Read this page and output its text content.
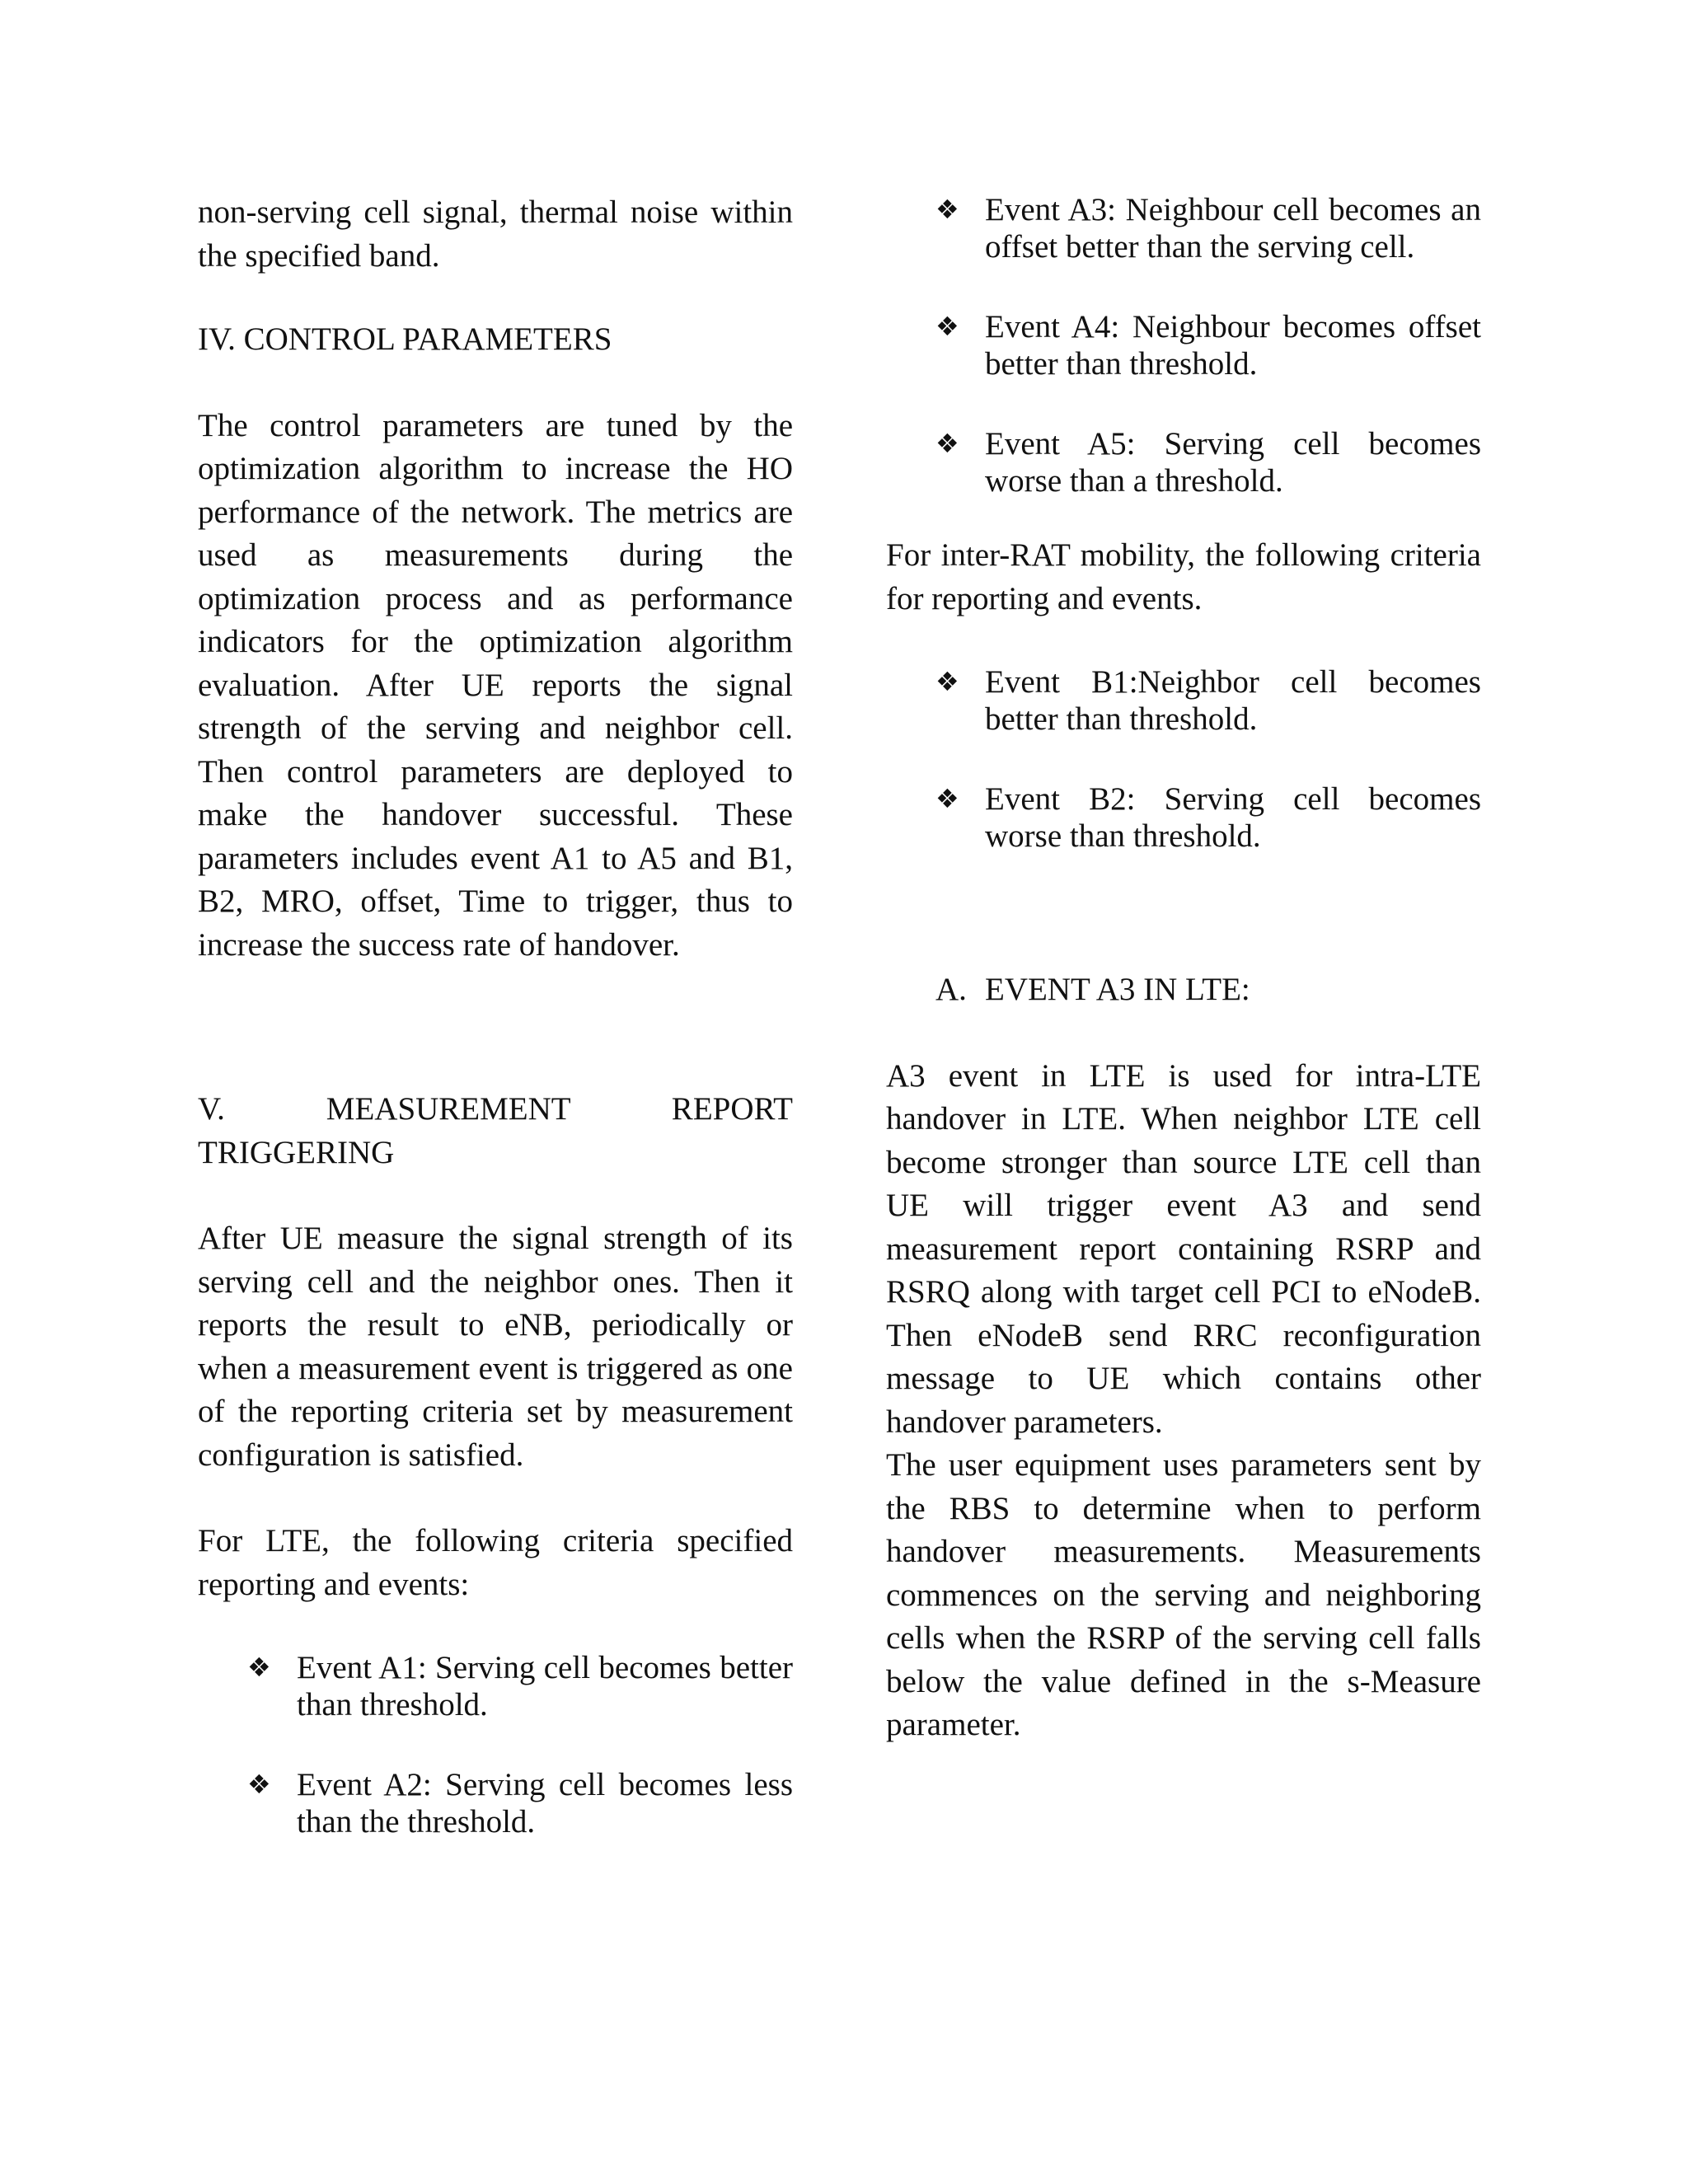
non-serving cell signal, thermal noise within the specified band.

IV. CONTROL PARAMETERS

The control parameters are tuned by the optimization algorithm to increase the HO performance of the network. The metrics are used as measurements during the optimization process and as performance indicators for the optimization algorithm evaluation. After UE reports the signal strength of the serving and neighbor cell. Then control parameters are deployed to make the handover successful. These parameters includes event A1 to A5 and B1, B2, MRO, offset, Time to trigger, thus to increase the success rate of handover.

V. MEASUREMENT REPORT TRIGGERING

After UE measure the signal strength of its serving cell and the neighbor ones. Then it reports the result to eNB, periodically or when a measurement event is triggered as one of the reporting criteria set by measurement configuration is satisfied.

For LTE, the following criteria specified reporting and events:

❖ Event A1: Serving cell becomes better than threshold.

❖ Event A2: Serving cell becomes less than the threshold.

❖ Event A3: Neighbour cell becomes an offset better than the serving cell.

❖ Event A4: Neighbour becomes offset better than threshold.

❖ Event A5: Serving cell becomes worse than a threshold.

For inter-RAT mobility, the following criteria for reporting and events.

❖ Event B1:Neighbor cell becomes better than threshold.

❖ Event B2: Serving cell becomes worse than threshold.

A. EVENT A3 IN LTE:

A3 event in LTE is used for intra-LTE handover in LTE. When neighbor LTE cell become stronger than source LTE cell than UE will trigger event A3 and send measurement report containing RSRP and RSRQ along with target cell PCI to eNodeB. Then eNodeB send RRC reconfiguration message to UE which contains other handover parameters.

The user equipment uses parameters sent by the RBS to determine when to perform handover measurements. Measurements commences on the serving and neighboring cells when the RSRP of the serving cell falls below the value defined in the s-Measure parameter.
